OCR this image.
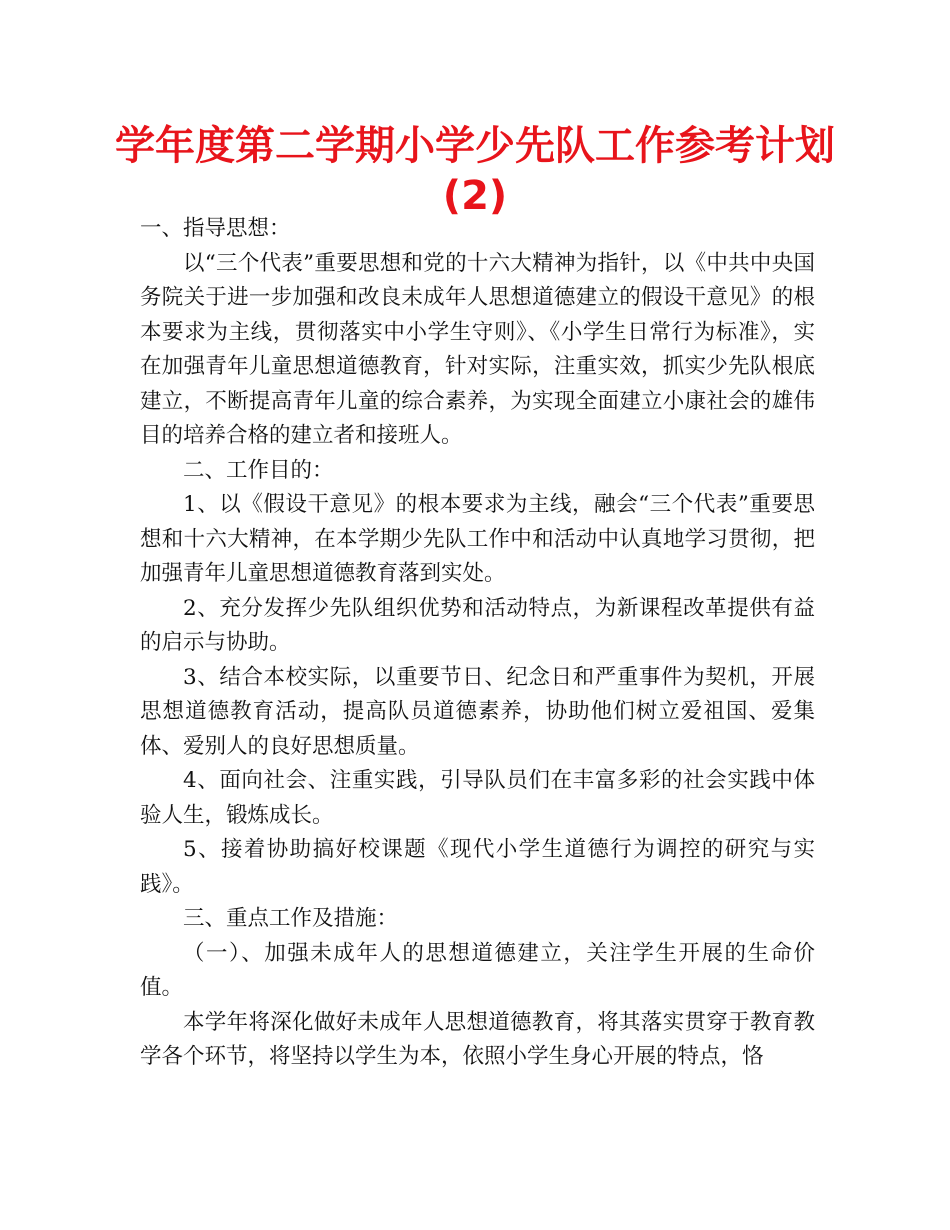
学年度第二学期小学少先队工作参考计划
(2)

一、指导思想：

以“三个代表”重要思想和党的十六大精神为指针，以《中共中央国务院关于进一步加强和改良未成年人思想道德建立的假设干意见》的根本要求为主线，贯彻落实中小学生守则》、《小学生日常行为标准》，实在加强青年儿童思想道德教育，针对实际，注重实效，抓实少先队根底建立，不断提高青年儿童的综合素养，为实现全面建立小康社会的雄伟目的培养合格的建立者和接班人。

二、工作目的：

1、以《假设干意见》的根本要求为主线，融会“三个代表”重要思想和十六大精神，在本学期少先队工作中和活动中认真地学习贯彻，把加强青年儿童思想道德教育落到实处。

2、充分发挥少先队组织优势和活动特点，为新课程改革提供有益的启示与协助。

3、结合本校实际，以重要节日、纪念日和严重事件为契机，开展思想道德教育活动，提高队员道德素养，协助他们树立爱祖国、爱集体、爱别人的良好思想质量。

4、面向社会、注重实践，引导队员们在丰富多彩的社会实践中体验人生，锻炼成长。

5、接着协助搞好校课题《现代小学生道德行为调控的研究与实践》。

三、重点工作及措施：

（一）、加强未成年人的思想道德建立，关注学生开展的生命价值。

本学年将深化做好未成年人思想道德教育，将其落实贯穿于教育教学各个环节，将坚持以学生为本，依照小学生身心开展的特点，恪
